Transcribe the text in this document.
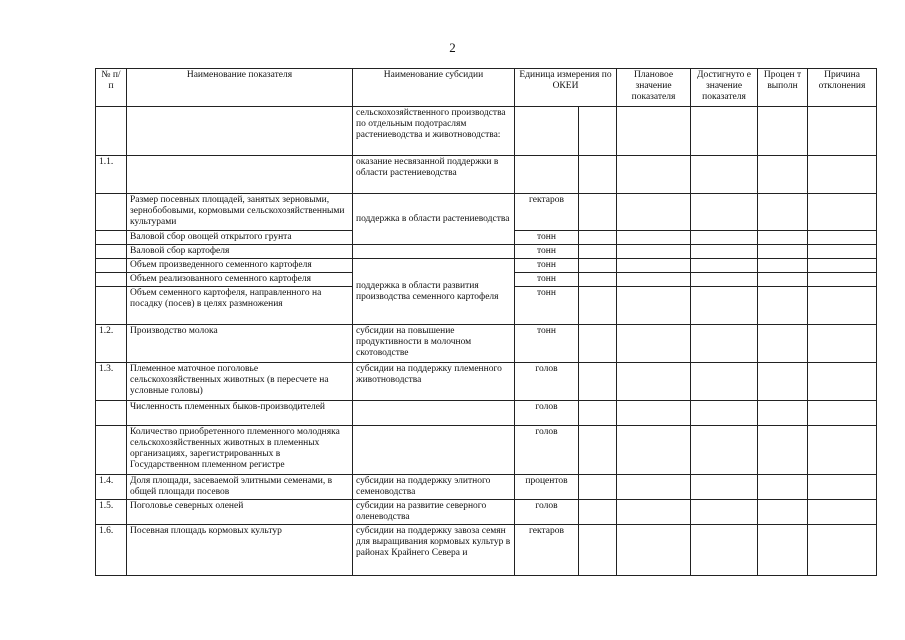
2
№ п/п	Наименование показателя	Наименование субсидии	Единица измерения по ОКЕИ		Плановое значение показателя	Достигнуто е значение показателя	Процен т выполн	Причина отклонения
		сельскохозяйственного производства по отдельным подотраслям растениеводства и животноводства:						
1.1.		оказание несвязанной поддержки в области растениеводства						
	Размер посевных площадей, занятых зерновыми, зернобобовыми, кормовыми сельскохозяйственными культурами	поддержка в области растениеводства	гектаров					
	Валовой сбор овощей открытого грунта		тонн					
	Валовой сбор картофеля		тонн					
	Объем произведенного семенного картофеля	поддержка в области развития производства семенного картофеля	тонн					
	Объем реализованного семенного картофеля		тонн					
	Объем семенного картофеля, направленного на посадку (посев) в целях размножения		тонн					
1.2.	Производство молока	субсидии на повышение продуктивности в молочном скотоводстве	тонн					
1.3.	Племенное маточное поголовье сельскохозяйственных животных (в пересчете на условные головы)	субсидии на поддержку племенного животноводства	голов					
	Численность племенных быков-производителей		голов					
	Количество приобретенного племенного молодняка сельскохозяйственных животных в племенных организациях, зарегистрированных в Государственном племенном регистре		голов					
1.4.	Доля площади, засеваемой элитными семенами, в общей площади посевов	субсидии на поддержку элитного семеноводства	процентов					
1.5.	Поголовье северных оленей	субсидии на развитие северного оленеводства	голов					
1.6.	Посевная площадь кормовых культур	субсидии на поддержку завоза семян для выращивания кормовых культур в районах Крайнего Севера и	гектаров					
